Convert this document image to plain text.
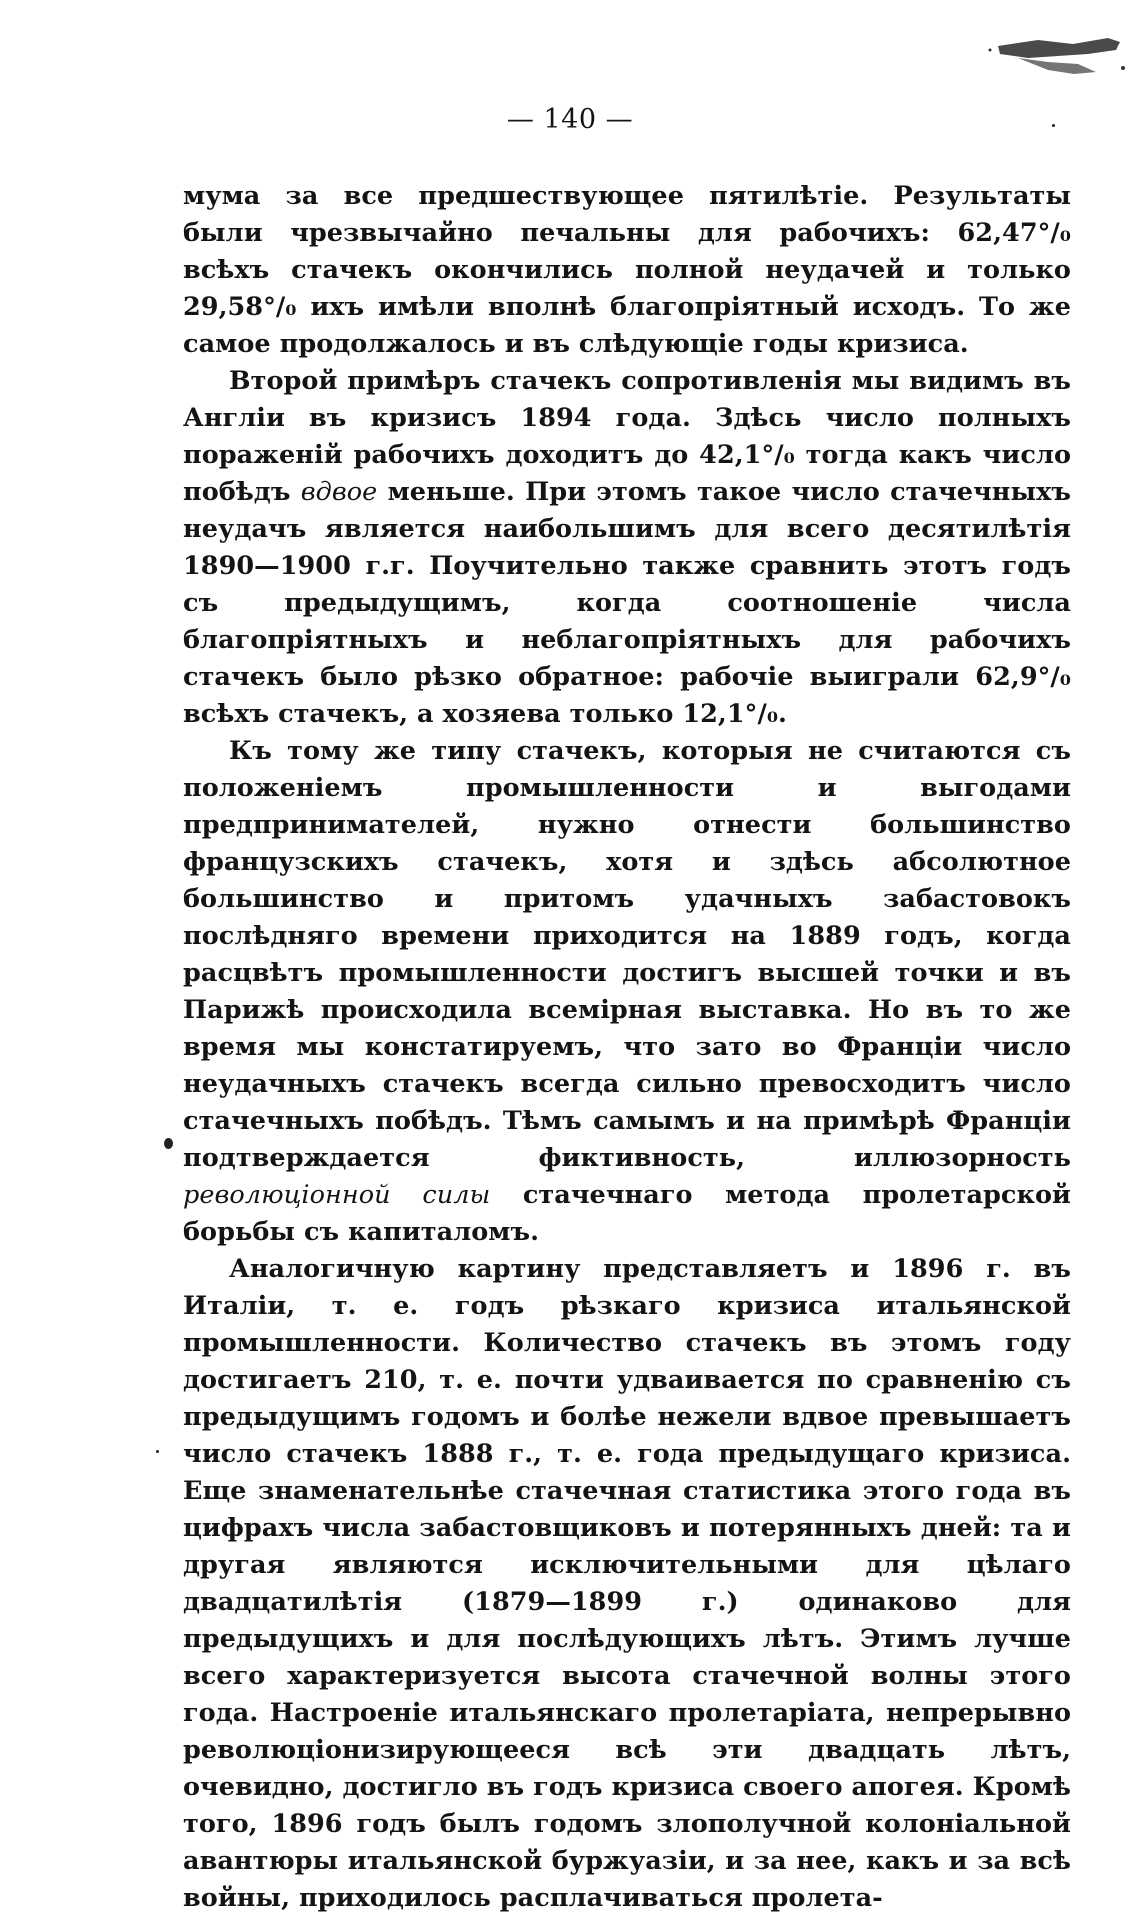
— 140 —

мума за все предшествующее пятилѣтіе. Результаты были чрезвычайно печальны для рабочихъ: 62,47°/₀ всѣхъ стачекъ окончились полной неудачей и только 29,58°/₀ ихъ имѣли вполнѣ благопріятный исходъ. То же самое продолжалось и въ слѣдующіе годы кризиса.

Второй примѣръ стачекъ сопротивленія мы видимъ въ Англіи въ кризисъ 1894 года. Здѣсь число полныхъ пораженій рабочихъ доходитъ до 42,1°/₀ тогда какъ число побѣдъ вдвое меньше. При этомъ такое число стачечныхъ неудачъ является наибольшимъ для всего десятилѣтія 1890—1900 г.г. Поучительно также сравнить этотъ годъ съ предыдущимъ, когда соотношеніе числа благопріятныхъ и неблагопріятныхъ для рабочихъ стачекъ было рѣзко обратное: рабочіе выиграли 62,9°/₀ всѣхъ стачекъ, а хозяева только 12,1°/₀.

Къ тому же типу стачекъ, которыя не считаются съ положеніемъ промышленности и выгодами предпринимателей, нужно отнести большинство французскихъ стачекъ, хотя и здѣсь абсолютное большинство и притомъ удачныхъ забастовокъ послѣдняго времени приходится на 1889 годъ, когда расцвѣтъ промышленности достигъ высшей точки и въ Парижѣ происходила всемірная выставка. Но въ то же время мы констатируемъ, что зато во Франціи число неудачныхъ стачекъ всегда сильно превосходитъ число стачечныхъ побѣдъ. Тѣмъ самымъ и на примѣрѣ Франціи подтверждается фиктивность, иллюзорность революціонной силы стачечнаго метода пролетарской борьбы съ капиталомъ.

Аналогичную картину представляетъ и 1896 г. въ Италіи, т. е. годъ рѣзкаго кризиса итальянской промышленности. Количество стачекъ въ этомъ году достигаетъ 210, т. е. почти удваивается по сравненію съ предыдущимъ годомъ и болѣе нежели вдвое превышаетъ число стачекъ 1888 г., т. е. года предыдущаго кризиса. Еще знаменательнѣе стачечная статистика этого года въ цифрахъ числа забастовщиковъ и потерянныхъ дней: та и другая являются исключительными для цѣлаго двадцатилѣтія (1879—1899 г.) одинаково для предыдущихъ и для послѣдующихъ лѣтъ. Этимъ лучше всего характеризуется высота стачечной волны этого года. Настроеніе итальянскаго пролетаріата, непрерывно революціонизирующееся всѣ эти двадцать лѣтъ, очевидно, достигло въ годъ кризиса своего апогея. Кромѣ того, 1896 годъ былъ годомъ злополучной колоніальной авантюры итальянской буржуазіи, и за нее, какъ и за всѣ войны, приходилось расплачиваться пролета-
